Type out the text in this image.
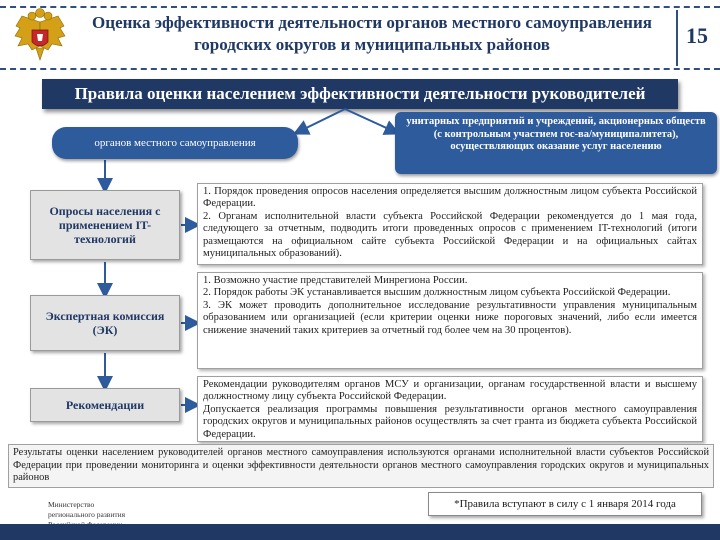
Оценка эффективности деятельности органов местного самоуправления
городских округов и муниципальных районов	15
Правила оценки населением эффективности деятельности руководителей
органов местного самоуправления
унитарных предприятий и учреждений, акционерных обществ (с контрольным участием гос-ва/муниципалитета), осуществляющих оказание услуг населению
Опросы населения с применением IT-технологий
Экспертная комиссия (ЭК)
Рекомендации

1. Порядок проведения опросов населения определяется высшим должностным лицом субъекта Российской Федерации.

2. Органам исполнительной власти субъекта Российской Федерации рекомендуется до 1 мая года, следующего за отчетным, подводить итоги проведенных опросов с применением IT-технологий (итоги размещаются на официальном сайте субъекта Российской Федерации и на официальных сайтах муниципальных образований).

1. Возможно участие представителей Минрегиона России.

2. Порядок работы ЭК устанавливается высшим должностным лицом субъекта Российской Федерации.

3. ЭК может проводить дополнительное исследование результативности управления муниципальным образованием или организацией (если критерии оценки ниже пороговых значений, либо если имеется снижение значений таких критериев за отчетный год более чем на 30 процентов).

Рекомендации руководителям органов МСУ и организации, органам государственной власти и высшему должностному лицу субъекта Российской Федерации.

Допускается реализация программы повышения результативности органов местного самоуправления городских округов и муниципальных районов осуществлять за счет гранта из бюджета субъекта Российской Федерации.

Результаты оценки населением руководителей органов местного самоуправления используются органами исполнительной власти субъектов Российской Федерации при проведении мониторинга и оценки эффективности деятельности органов местного самоуправления городских округов и муниципальных районов
Министерство
регионального развития
*Правила вступают в силу с 1 января 2014 года
